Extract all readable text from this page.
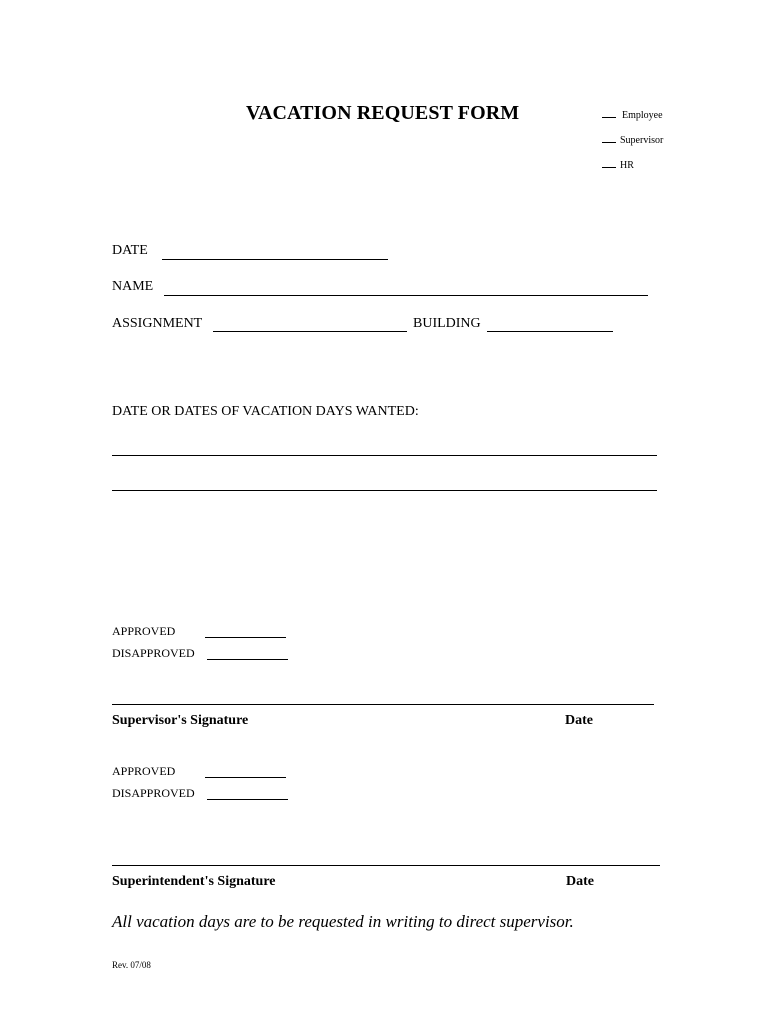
VACATION REQUEST FORM	Employee
Supervisor
HR
DATE
NAME
ASSIGNMENT	BUILDING
DATE OR DATES OF VACATION DAYS WANTED:
APPROVED
DISAPPROVED
Supervisor's Signature	Date
APPROVED
DISAPPROVED
Superintendent's Signature	Date
All vacation days are to be requested in writing to direct supervisor.
Rev. 07/08
